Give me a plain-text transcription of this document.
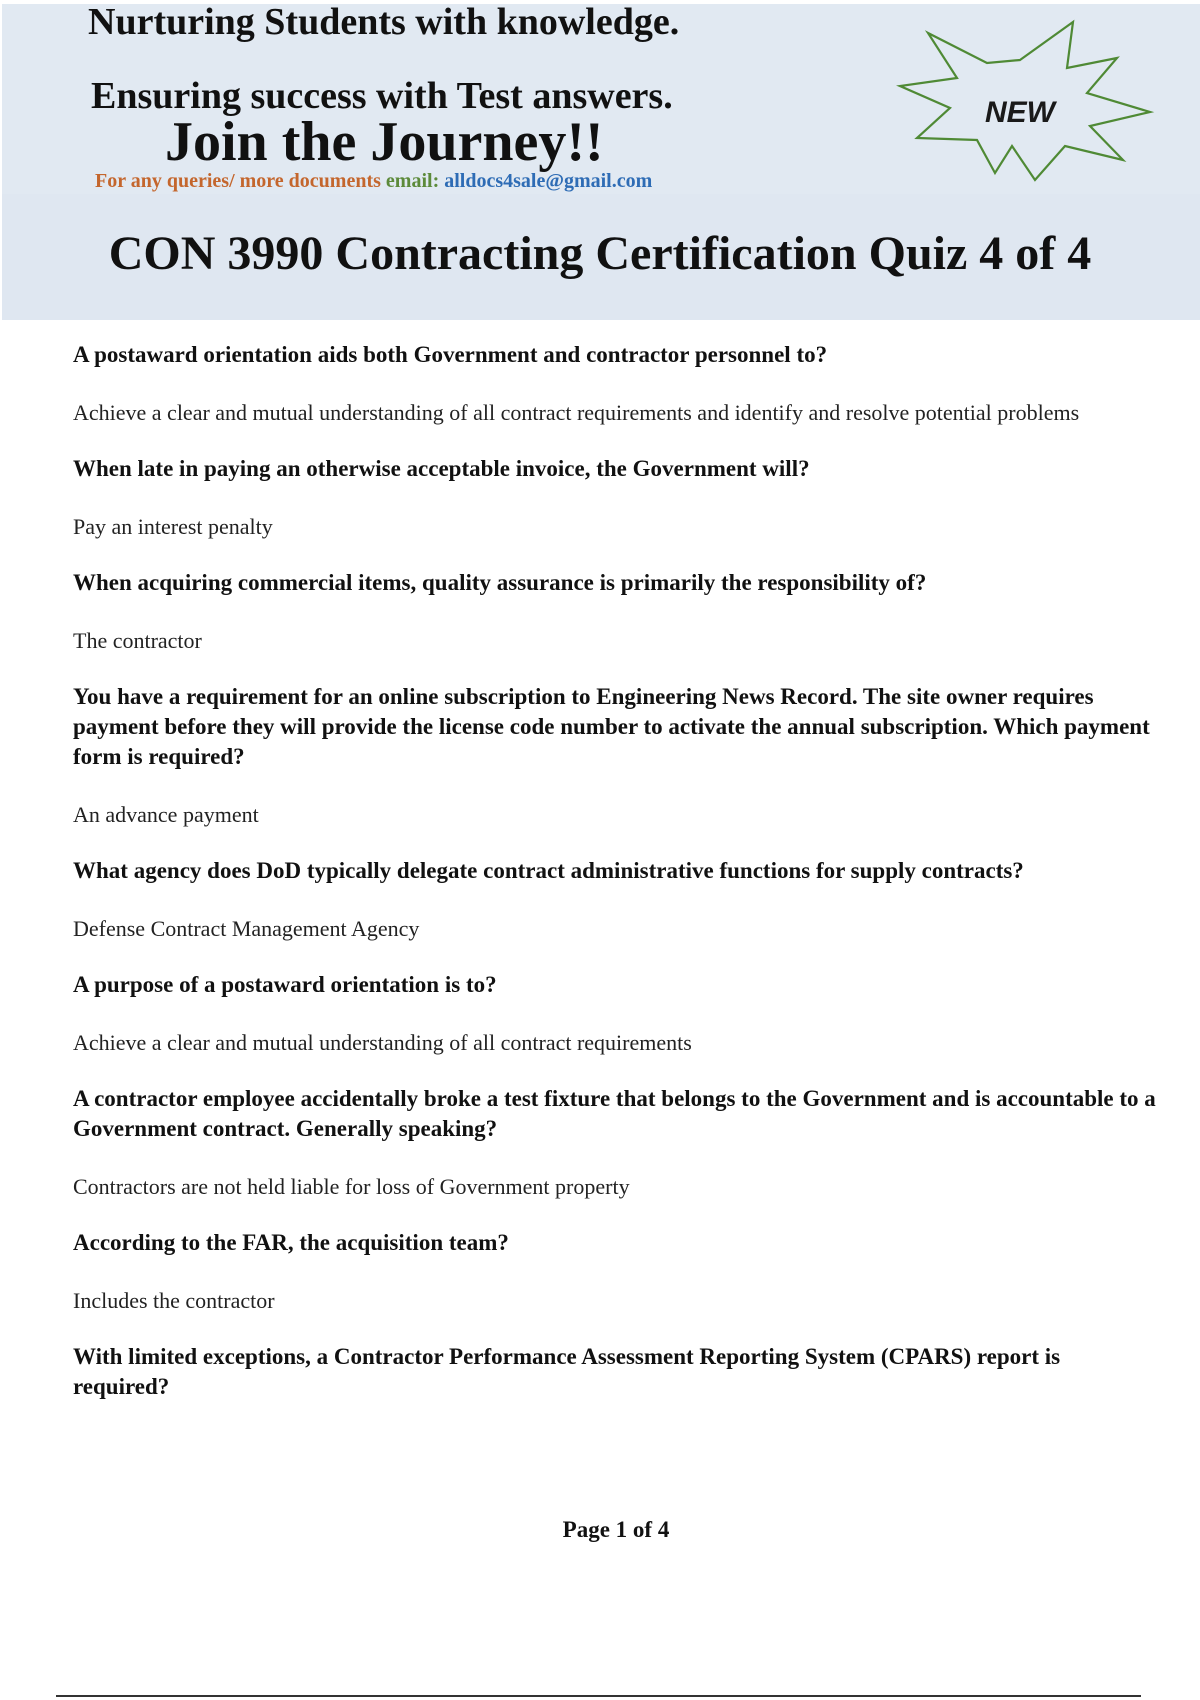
Nurturing Students with knowledge.
Ensuring success with Test answers.
Join the Journey!!
For any queries/ more documents email: alldocs4sale@gmail.com
NEW
CON 3990 Contracting Certification Quiz 4 of 4

A postaward orientation aids both Government and contractor personnel to?

Achieve a clear and mutual understanding of all contract requirements and identify and resolve potential problems

When late in paying an otherwise acceptable invoice, the Government will?

Pay an interest penalty

When acquiring commercial items, quality assurance is primarily the responsibility of?

The contractor

You have a requirement for an online subscription to Engineering News Record. The site owner requires payment before they will provide the license code number to activate the annual subscription. Which payment form is required?

An advance payment

What agency does DoD typically delegate contract administrative functions for supply contracts?

Defense Contract Management Agency

A purpose of a postaward orientation is to?

Achieve a clear and mutual understanding of all contract requirements

A contractor employee accidentally broke a test fixture that belongs to the Government and is accountable to a Government contract. Generally speaking?

Contractors are not held liable for loss of Government property

According to the FAR, the acquisition team?

Includes the contractor

With limited exceptions, a Contractor Performance Assessment Reporting System (CPARS) report is required?

Page 1 of 4
